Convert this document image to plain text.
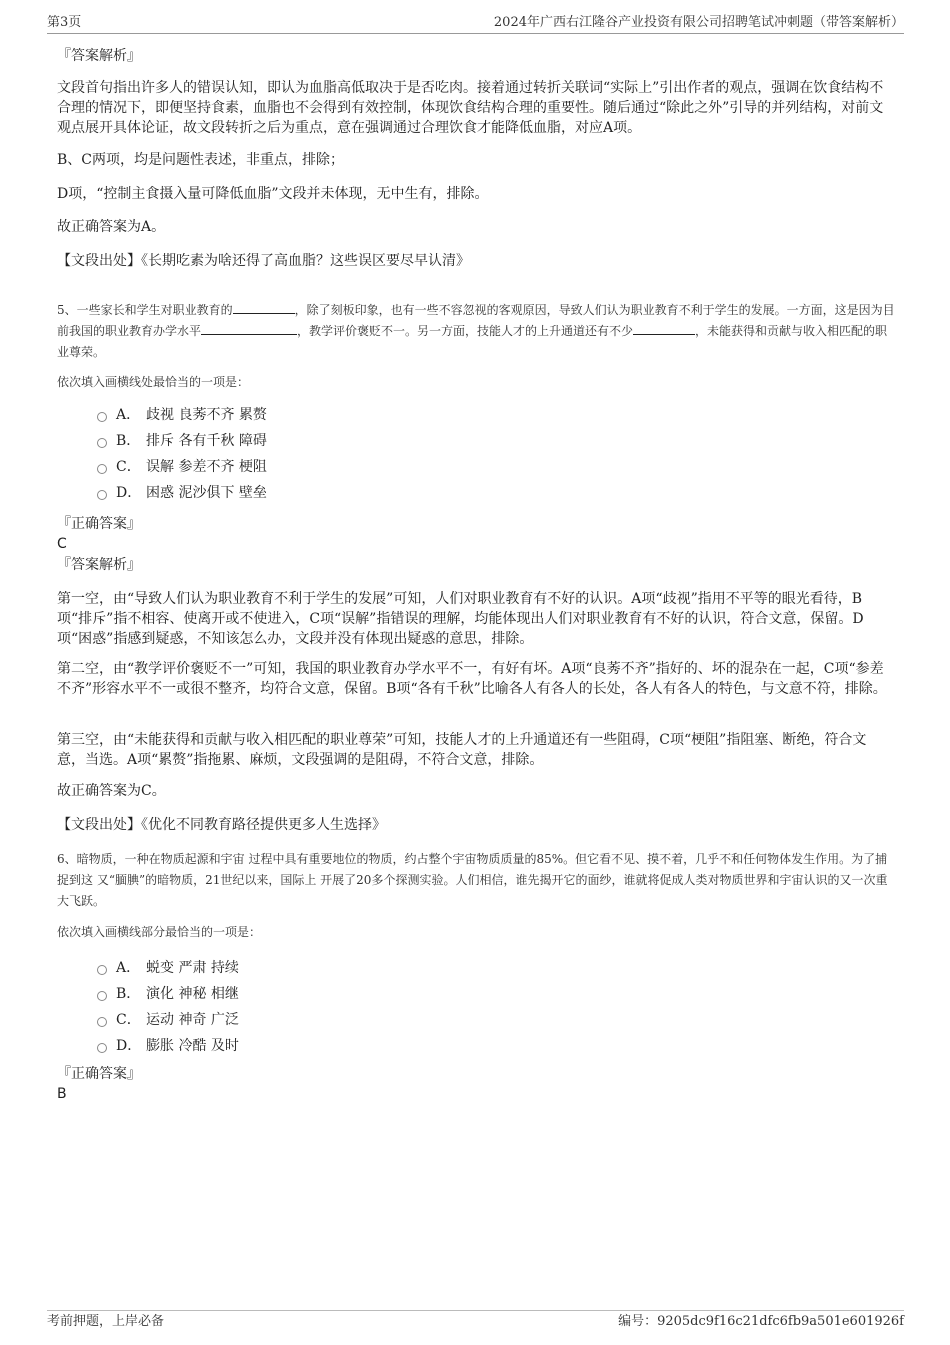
第3页	2024年广西右江隆谷产业投资有限公司招聘笔试冲刺题（带答案解析）

『答案解析』

文段首句指出许多人的错误认知，即认为血脂高低取决于是否吃肉。接着通过转折关联词“实际上”引出作者的观点，强调在饮食结构不合理的情况下，即便坚持食素，血脂也不会得到有效控制，体现饮食结构合理的重要性。随后通过“除此之外”引导的并列结构，对前文观点展开具体论证，故文段转折之后为重点，意在强调通过合理饮食才能降低血脂，对应A项。

B、C两项，均是问题性表述，非重点，排除；

D项，“控制主食摄入量可降低血脂”文段并未体现，无中生有，排除。

故正确答案为A。

【文段出处】《长期吃素为啥还得了高血脂？这些误区要尽早认清》

5、一些家长和学生对职业教育的	，除了刻板印象，也有一些不容忽视的客观原因，导致人们认为职业教育不利于学生的发展。一方面，这是因为目前我国的职业教育办学水平	，教学评价褒贬不一。另一方面，技能人才的上升通道还有不少	，未能获得和贡献与收入相匹配的职业尊荣。

依次填入画横线处最恰当的一项是：

A． 歧视 良莠不齐 累赘
B． 排斥 各有千秋 障碍
C． 误解 参差不齐 梗阻
D． 困惑 泥沙俱下 壁垒

『正确答案』

C

『答案解析』

第一空，由“导致人们认为职业教育不利于学生的发展”可知，人们对职业教育有不好的认识。A项“歧视”指用不平等的眼光看待，B项“排斥”指不相容、使离开或不使进入，C项“误解”指错误的理解，均能体现出人们对职业教育有不好的认识，符合文意，保留。D项“困惑”指感到疑惑，不知该怎么办，文段并没有体现出疑惑的意思，排除。

第二空，由“教学评价褒贬不一”可知，我国的职业教育办学水平不一，有好有坏。A项“良莠不齐”指好的、坏的混杂在一起，C项“参差不齐”形容水平不一或很不整齐，均符合文意，保留。B项“各有千秋”比喻各人有各人的长处，各人有各人的特色，与文意不符，排除。

第三空，由“未能获得和贡献与收入相匹配的职业尊荣”可知，技能人才的上升通道还有一些阻碍，C项“梗阻”指阻塞、断绝，符合文意，当选。A项“累赘”指拖累、麻烦，文段强调的是阻碍，不符合文意，排除。

故正确答案为C。

【文段出处】《优化不同教育路径提供更多人生选择》

6、暗物质，一种在物质起源和宇宙 过程中具有重要地位的物质，约占整个宇宙物质质量的85%。但它看不见、摸不着，几乎不和任何物体发生作用。为了捕捉到这 又“腼腆”的暗物质，21世纪以来，国际上 开展了20多个探测实验。人们相信，谁先揭开它的面纱，谁就将促成人类对物质世界和宇宙认识的又一次重大飞跃。

依次填入画横线部分最恰当的一项是：

A． 蜕变 严肃 持续
B． 演化 神秘 相继
C． 运动 神奇 广泛
D． 膨胀 冷酷 及时

『正确答案』

B

考前押题，上岸必备	编号：9205dc9f16c21dfc6fb9a501e601926f
